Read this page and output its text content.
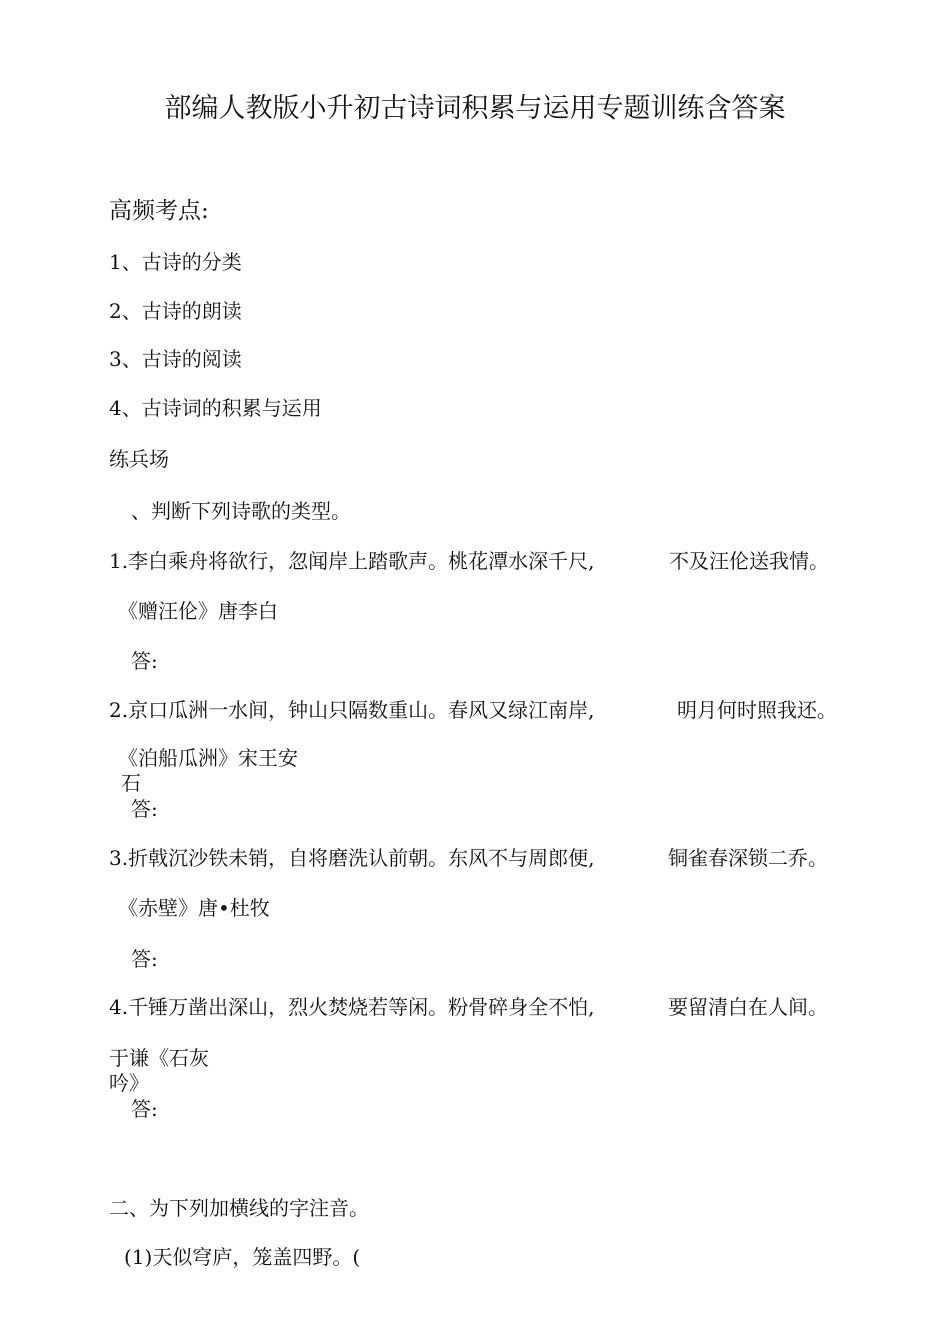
部编人教版小升初古诗词积累与运用专题训练含答案
高频考点:
1、古诗的分类
2、古诗的朗读
3、古诗的阅读
4、古诗词的积累与运用
练兵场
、判断下列诗歌的类型。
1.李白乘舟将欲行，忽闻岸上踏歌声。桃花潭水深千尺,	不及汪伦送我情。
《赠汪伦》唐李白
答:
2.京口瓜洲一水间，钟山只隔数重山。春风又绿江南岸,	明月何时照我还。
《泊船瓜洲》宋王安
石
答:
3.折戟沉沙铁未销，自将磨洗认前朝。东风不与周郎便,	铜雀春深锁二乔。
《赤壁》唐•杜牧
答:
4.千锤万凿出深山，烈火焚烧若等闲。粉骨碎身全不怕,	要留清白在人间。
于谦《石灰
吟》
答:
二、为下列加横线的字注音。
(1)天似穹庐，笼盖四野。(
